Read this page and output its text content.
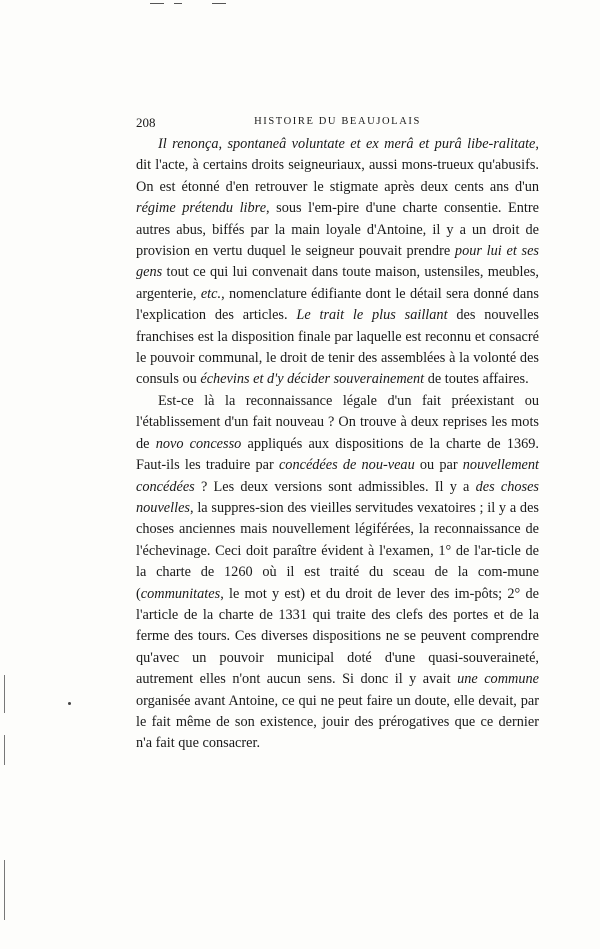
208	HISTOIRE DU BEAUJOLAIS

Il renonça, spontaneâ voluntate et ex merâ et purâ libe-ralitate, dit l'acte, à certains droits seigneuriaux, aussi mons-trueux qu'abusifs. On est étonné d'en retrouver le stigmate après deux cents ans d'un régime prétendu libre, sous l'em-pire d'une charte consentie. Entre autres abus, biffés par la main loyale d'Antoine, il y a un droit de provision en vertu duquel le seigneur pouvait prendre pour lui et ses gens tout ce qui lui convenait dans toute maison, ustensiles, meubles, argenterie, etc., nomenclature édifiante dont le détail sera donné dans l'explication des articles. Le trait le plus saillant des nouvelles franchises est la disposition finale par laquelle est reconnu et consacré le pouvoir communal, le droit de tenir des assemblées à la volonté des consuls ou échevins et d'y décider souverainement de toutes affaires.

Est-ce là la reconnaissance légale d'un fait préexistant ou l'établissement d'un fait nouveau ? On trouve à deux reprises les mots de novo concesso appliqués aux dispositions de la charte de 1369. Faut-ils les traduire par concédées de nou-veau ou par nouvellement concédées ? Les deux versions sont admissibles. Il y a des choses nouvelles, la suppres-sion des vieilles servitudes vexatoires ; il y a des choses anciennes mais nouvellement légiférées, la reconnaissance de l'échevinage. Ceci doit paraître évident à l'examen, 1° de l'ar-ticle de la charte de 1260 où il est traité du sceau de la com-mune (communitates, le mot y est) et du droit de lever des im-pôts; 2° de l'article de la charte de 1331 qui traite des clefs des portes et de la ferme des tours. Ces diverses dispositions ne se peuvent comprendre qu'avec un pouvoir municipal doté d'une quasi-souveraineté, autrement elles n'ont aucun sens. Si donc il y avait une commune organisée avant Antoine, ce qui ne peut faire un doute, elle devait, par le fait même de son existence, jouir des prérogatives que ce dernier n'a fait que consacrer.
